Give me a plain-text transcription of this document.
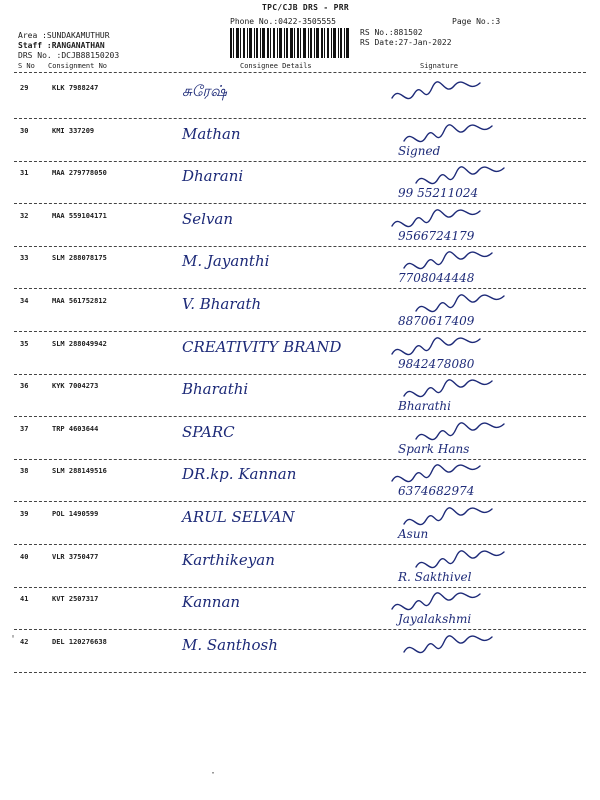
TPC/CJB DRS - PRR
Phone No.:0422-3505555	Page No.:3
Area :SUNDAKAMUTHUR
Staff :RANGANATHAN
DRS No. :DCJB88150203
RS No.:881502
RS Date:27-Jan-2022
S No Consignment No	Consignee Details	Signature
29	KLK 7988247	சுரேஷ்
30	KMI 337209	Mathan
Signed
31	MAA 279778050	Dharani
99 55211024
32	MAA 559104171	Selvan
9566724179
33	SLM 288078175	M. Jayanthi
7708044448
34	MAA 561752812	V. Bharath
8870617409
35	SLM 288049942	CREATIVITY BRAND
9842478080
36	KYK 7004273	Bharathi
Bharathi
37	TRP 4603644	SPARC
Spark Hans
38	SLM 288149516	DR.kp. Kannan
6374682974
39	POL 1490599	ARUL SELVAN
Asun
40	VLR 3750477	Karthikeyan
R. Sakthivel
41	KVT 2507317	Kannan
Jayalakshmi
42	DEL 120276638	M. Santhosh
'
·
